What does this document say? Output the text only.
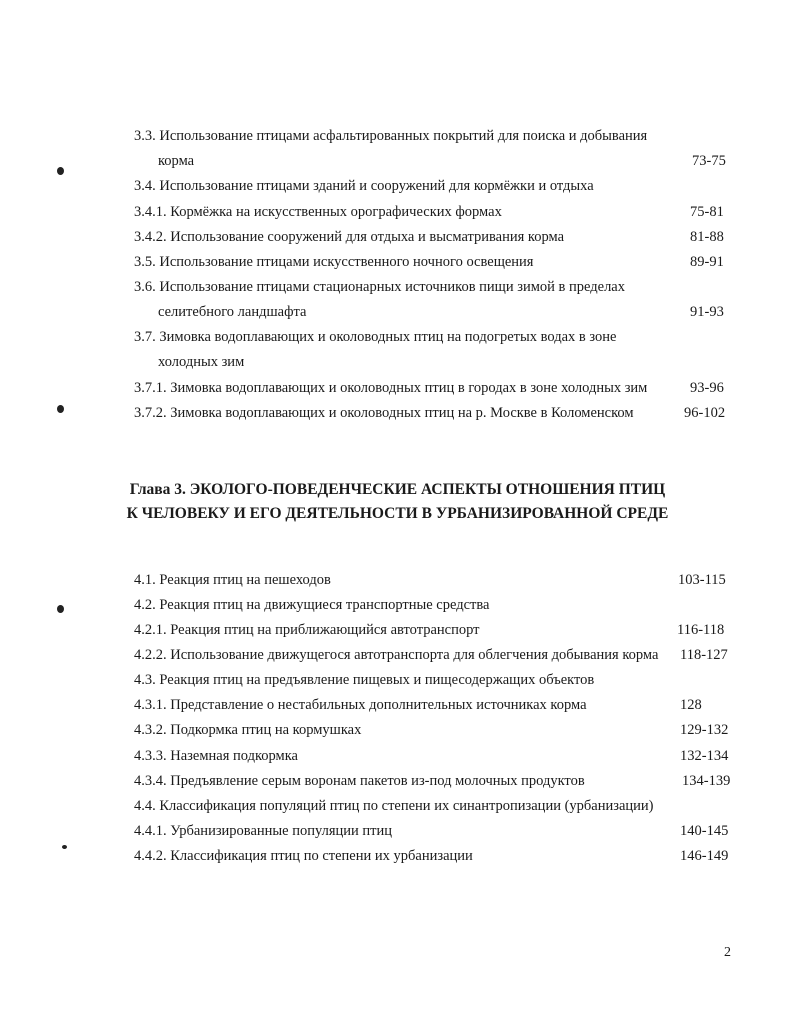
3.3. Использование птицами асфальтированных покрытий для поиска и добывания
корма	73-75
3.4. Использование птицами зданий и сооружений для кормёжки и отдыха
3.4.1. Кормёжка на искусственных орографических формах	75-81
3.4.2. Использование сооружений для отдыха и высматривания корма	81-88
3.5. Использование птицами искусственного ночного освещения	89-91
3.6. Использование птицами стационарных источников пищи зимой в пределах
селитебного ландшафта	91-93
3.7. Зимовка водоплавающих и околоводных птиц на подогретых водах в зоне
холодных зим
3.7.1. Зимовка водоплавающих и околоводных птиц в городах в зоне холодных зим	93-96
3.7.2. Зимовка водоплавающих и околоводных птиц на р. Москве в Коломенском	96-102
Глава 3. ЭКОЛОГО-ПОВЕДЕНЧЕСКИЕ АСПЕКТЫ ОТНОШЕНИЯ ПТИЦ
К ЧЕЛОВЕКУ И ЕГО ДЕЯТЕЛЬНОСТИ В УРБАНИЗИРОВАННОЙ СРЕДЕ
4.1. Реакция птиц на пешеходов	103-115
4.2. Реакция птиц на движущиеся транспортные средства
4.2.1. Реакция птиц на приближающийся автотранспорт	116-118
4.2.2. Использование движущегося автотранспорта для облегчения добывания корма 118-127
4.3. Реакция птиц на предъявление пищевых и пищесодержащих объектов
4.3.1. Представление о нестабильных дополнительных источниках корма	128
4.3.2. Подкормка птиц на кормушках	129-132
4.3.3. Наземная подкормка	132-134
4.3.4. Предъявление серым воронам пакетов из-под молочных продуктов	134-139
4.4. Классификация популяций птиц по степени их синантропизации (урбанизации)
4.4.1. Урбанизированные популяции птиц	140-145
4.4.2. Классификация птиц по степени их урбанизации	146-149
2
